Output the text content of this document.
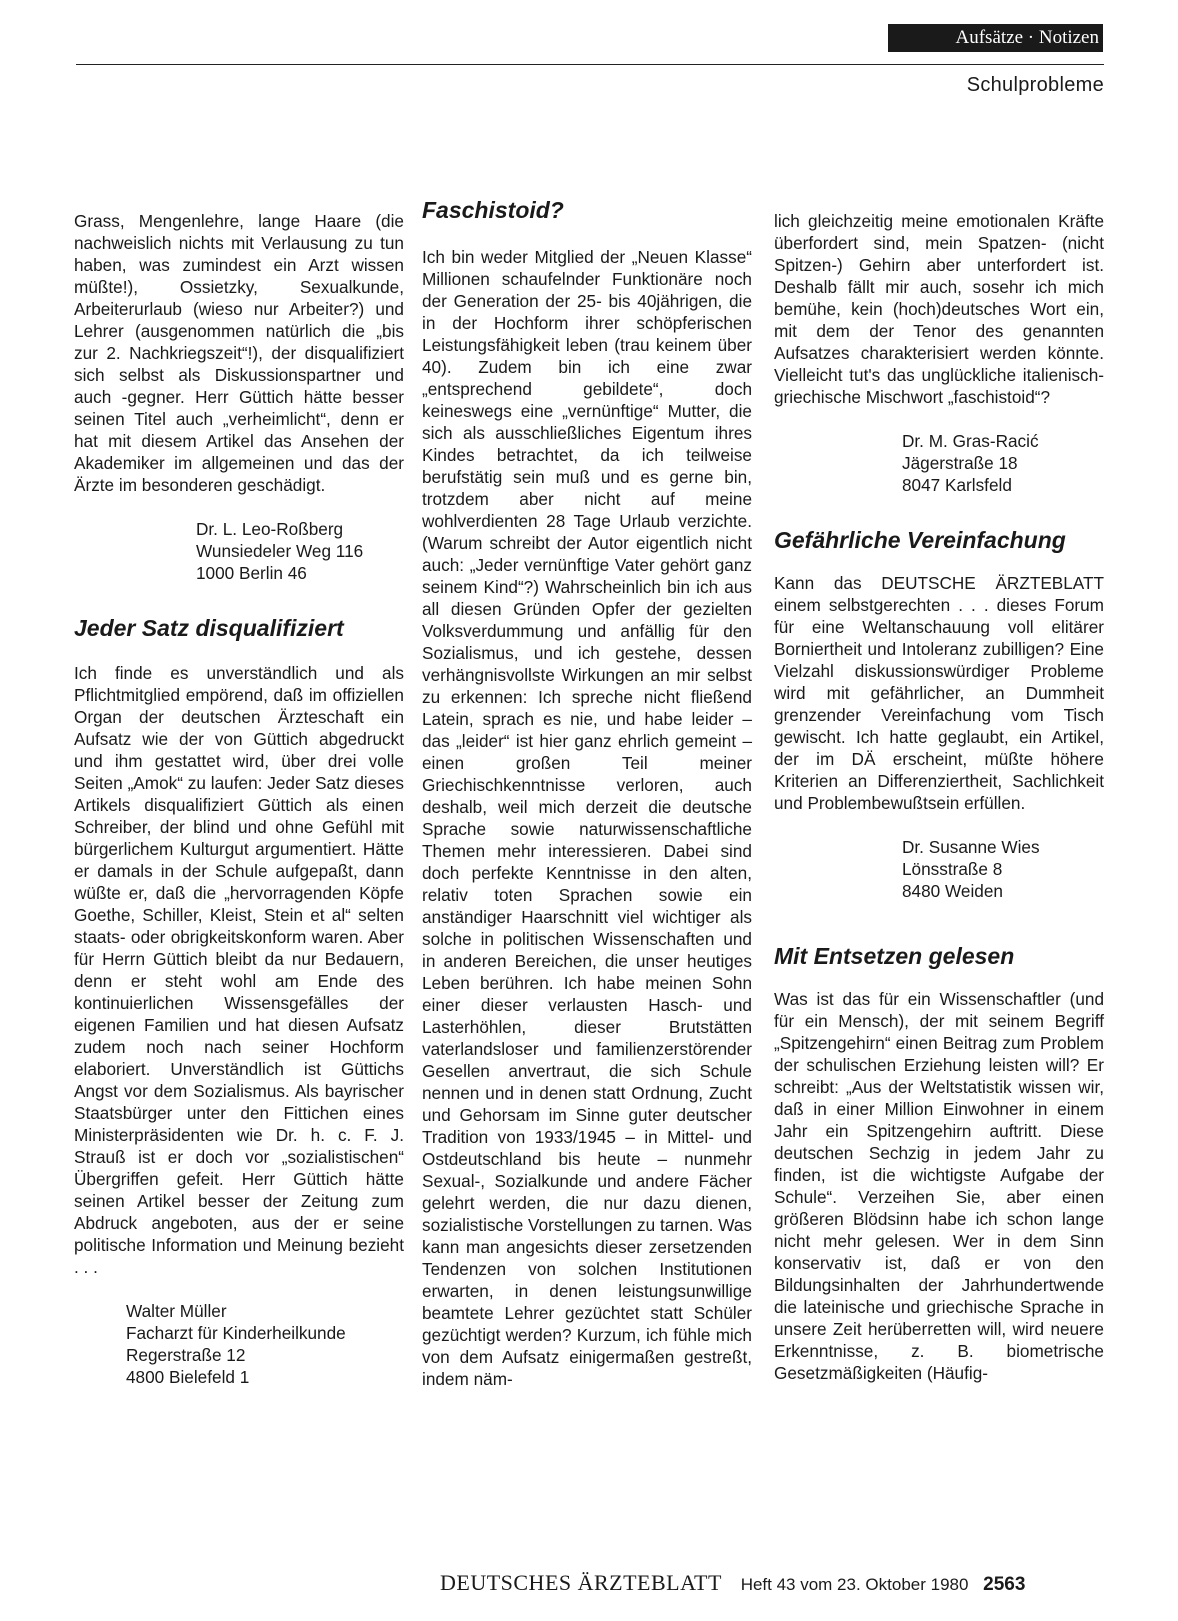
Aufsätze · Notizen
Schulprobleme

Grass, Mengenlehre, lange Haare (die nachweislich nichts mit Verlausung zu tun haben, was zumindest ein Arzt wissen müßte!), Ossietzky, Sexualkunde, Arbeiterurlaub (wieso nur Arbeiter?) und Lehrer (ausgenommen natürlich die „bis zur 2. Nachkriegszeit“!), der disqualifiziert sich selbst als Diskussionspartner und auch -gegner. Herr Güttich hätte besser seinen Titel auch „verheimlicht“, denn er hat mit diesem Artikel das Ansehen der Akademiker im allgemeinen und das der Ärzte im besonderen geschädigt.

Dr. L. Leo-Roßberg
Wunsiedeler Weg 116
1000 Berlin 46

Jeder Satz disqualifiziert

Ich finde es unverständlich und als Pflichtmitglied empörend, daß im offiziellen Organ der deutschen Ärzteschaft ein Aufsatz wie der von Güttich abgedruckt und ihm gestattet wird, über drei volle Seiten „Amok“ zu laufen: Jeder Satz dieses Artikels disqualifiziert Güttich als einen Schreiber, der blind und ohne Gefühl mit bürgerlichem Kulturgut argumentiert. Hätte er damals in der Schule aufgepaßt, dann wüßte er, daß die „hervorragenden Köpfe Goethe, Schiller, Kleist, Stein et al“ selten staats- oder obrigkeitskonform waren. Aber für Herrn Güttich bleibt da nur Bedauern, denn er steht wohl am Ende des kontinuierlichen Wissensgefälles der eigenen Familien und hat diesen Aufsatz zudem noch nach seiner Hochform elaboriert. Unverständlich ist Güttichs Angst vor dem Sozialismus. Als bayrischer Staatsbürger unter den Fittichen eines Ministerpräsidenten wie Dr. h. c. F. J. Strauß ist er doch vor „sozialistischen“ Übergriffen gefeit. Herr Güttich hätte seinen Artikel besser der Zeitung zum Abdruck angeboten, aus der er seine politische Information und Meinung bezieht . . .

Walter Müller
Facharzt für Kinderheilkunde
Regerstraße 12
4800 Bielefeld 1

Faschistoid?

Ich bin weder Mitglied der „Neuen Klasse“ Millionen schaufelnder Funktionäre noch der Generation der 25- bis 40jährigen, die in der Hochform ihrer schöpferischen Leistungsfähigkeit leben (trau keinem über 40). Zudem bin ich eine zwar „entsprechend gebildete“, doch keineswegs eine „vernünftige“ Mutter, die sich als ausschließliches Eigentum ihres Kindes betrachtet, da ich teilweise berufstätig sein muß und es gerne bin, trotzdem aber nicht auf meine wohlverdienten 28 Tage Urlaub verzichte. (Warum schreibt der Autor eigentlich nicht auch: „Jeder vernünftige Vater gehört ganz seinem Kind“?) Wahrscheinlich bin ich aus all diesen Gründen Opfer der gezielten Volksverdummung und anfällig für den Sozialismus, und ich gestehe, dessen verhängnisvollste Wirkungen an mir selbst zu erkennen: Ich spreche nicht fließend Latein, sprach es nie, und habe leider – das „leider“ ist hier ganz ehrlich gemeint – einen großen Teil meiner Griechischkenntnisse verloren, auch deshalb, weil mich derzeit die deutsche Sprache sowie naturwissenschaftliche Themen mehr interessieren. Dabei sind doch perfekte Kenntnisse in den alten, relativ toten Sprachen sowie ein anständiger Haarschnitt viel wichtiger als solche in politischen Wissenschaften und in anderen Bereichen, die unser heutiges Leben berühren. Ich habe meinen Sohn einer dieser verlausten Hasch- und Lasterhöhlen, dieser Brutstätten vaterlandsloser und familienzerstörender Gesellen anvertraut, die sich Schule nennen und in denen statt Ordnung, Zucht und Gehorsam im Sinne guter deutscher Tradition von 1933/1945 – in Mittel- und Ostdeutschland bis heute – nunmehr Sexual-, Sozialkunde und andere Fächer gelehrt werden, die nur dazu dienen, sozialistische Vorstellungen zu tarnen. Was kann man angesichts dieser zersetzenden Tendenzen von solchen Institutionen erwarten, in denen leistungsunwillige beamtete Lehrer gezüchtet statt Schüler gezüchtigt werden? Kurzum, ich fühle mich von dem Aufsatz einigermaßen gestreßt, indem näm-

lich gleichzeitig meine emotionalen Kräfte überfordert sind, mein Spatzen- (nicht Spitzen-) Gehirn aber unterfordert ist. Deshalb fällt mir auch, sosehr ich mich bemühe, kein (hoch)deutsches Wort ein, mit dem der Tenor des genannten Aufsatzes charakterisiert werden könnte. Vielleicht tut's das unglückliche italienisch-griechische Mischwort „faschistoid“?

Dr. M. Gras-Racić
Jägerstraße 18
8047 Karlsfeld

Gefährliche Vereinfachung

Kann das DEUTSCHE ÄRZTEBLATT einem selbstgerechten . . . dieses Forum für eine Weltanschauung voll elitärer Borniertheit und Intoleranz zubilligen? Eine Vielzahl diskussionswürdiger Probleme wird mit gefährlicher, an Dummheit grenzender Vereinfachung vom Tisch gewischt. Ich hatte geglaubt, ein Artikel, der im DÄ erscheint, müßte höhere Kriterien an Differenziertheit, Sachlichkeit und Problembewußtsein erfüllen.

Dr. Susanne Wies
Lönsstraße 8
8480 Weiden

Mit Entsetzen gelesen

Was ist das für ein Wissenschaftler (und für ein Mensch), der mit seinem Begriff „Spitzengehirn“ einen Beitrag zum Problem der schulischen Erziehung leisten will? Er schreibt: „Aus der Weltstatistik wissen wir, daß in einer Million Einwohner in einem Jahr ein Spitzengehirn auftritt. Diese deutschen Sechzig in jedem Jahr zu finden, ist die wichtigste Aufgabe der Schule“. Verzeihen Sie, aber einen größeren Blödsinn habe ich schon lange nicht mehr gelesen. Wer in dem Sinn konservativ ist, daß er von den Bildungsinhalten der Jahrhundertwende die lateinische und griechische Sprache in unsere Zeit herüberretten will, wird neuere Erkenntnisse, z. B. biometrische Gesetzmäßigkeiten (Häufig-

DEUTSCHES ÄRZTEBLATT Heft 43 vom 23. Oktober 1980 2563
